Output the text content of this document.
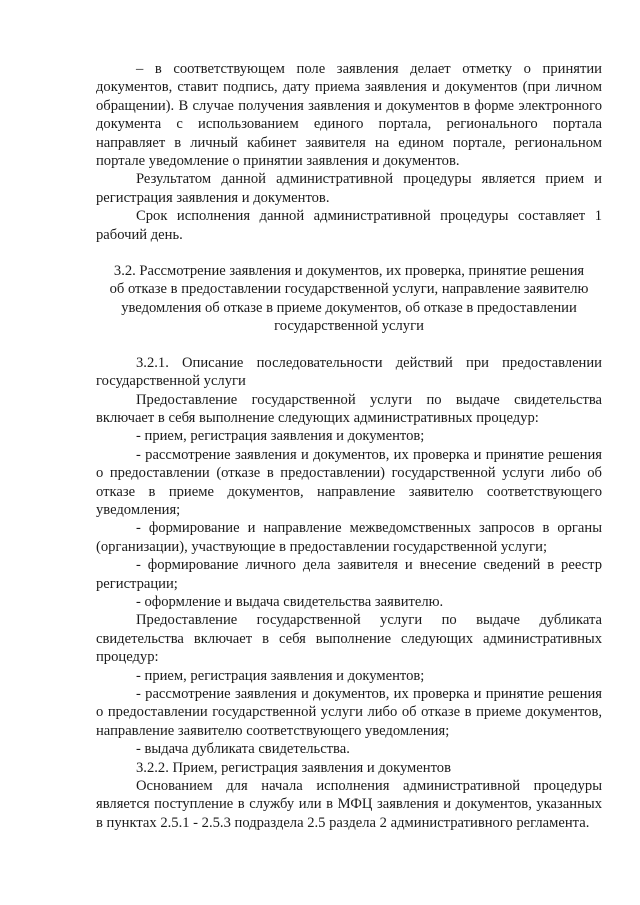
– в соответствующем поле заявления делает отметку о принятии документов, ставит подпись, дату приема заявления и документов (при личном обращении). В случае получения заявления и документов в форме электронного документа с использованием единого портала, регионального портала направляет в личный кабинет заявителя на едином портале, региональном портале уведомление о принятии заявления и документов.

Результатом данной административной процедуры является прием и регистрация заявления и документов.

Срок исполнения данной административной процедуры составляет 1 рабочий день.

3.2. Рассмотрение заявления и документов, их проверка, принятие решения об отказе в предоставлении государственной услуги, направление заявителю уведомления об отказе в приеме документов, об отказе в предоставлении государственной услуги

3.2.1. Описание последовательности действий при предоставлении государственной услуги

Предоставление государственной услуги по выдаче свидетельства включает в себя выполнение следующих административных процедур:

- прием, регистрация заявления и документов;

- рассмотрение заявления и документов, их проверка и принятие решения о предоставлении (отказе в предоставлении) государственной услуги либо об отказе в приеме документов, направление заявителю соответствующего уведомления;

- формирование и направление межведомственных запросов в органы (организации), участвующие в предоставлении государственной услуги;

- формирование личного дела заявителя и внесение сведений в реестр регистрации;

- оформление и выдача свидетельства заявителю.

Предоставление государственной услуги по выдаче дубликата свидетельства включает в себя выполнение следующих административных процедур:

- прием, регистрация заявления и документов;

- рассмотрение заявления и документов, их проверка и принятие решения о предоставлении государственной услуги либо об отказе в приеме документов, направление заявителю соответствующего уведомления;

- выдача дубликата свидетельства.

3.2.2. Прием, регистрация заявления и документов

Основанием для начала исполнения административной процедуры является поступление в службу или в МФЦ заявления и документов, указанных в пунктах 2.5.1 - 2.5.3 подраздела 2.5 раздела 2 административного регламента.
